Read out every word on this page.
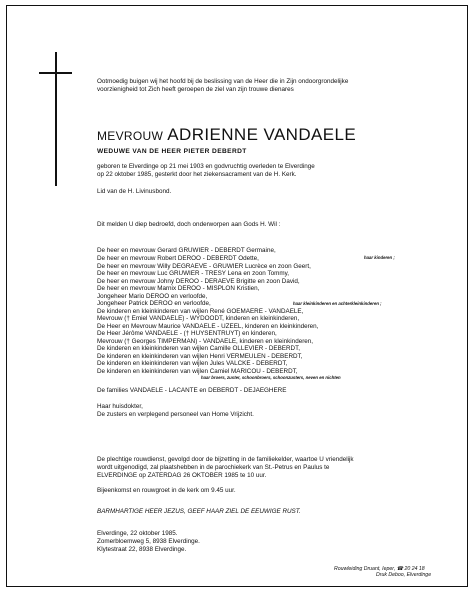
Ootmoedig buigen wij het hoofd bij de beslissing van de Heer die in Zijn ondoorgrondelijke
voorzienigheid tot Zich heeft geroepen de ziel van zijn trouwe dienares
MEVROUW ADRIENNE VANDAELE
WEDUWE VAN DE HEER PIETER DEBERDT
geboren te Elverdinge op 21 mei 1903 en godvruchtig overleden te Elverdinge
op 22 oktober 1985, gesterkt door het ziekensacrament van de H. Kerk.
Lid van de H. Livinusbond.
Dit melden U diep bedroefd, doch onderworpen aan Gods H. Wil :
De heer en mevrouw Gerard GRUWIER - DEBERDT Germaine,
De heer en mevrouw Robert DEROO - DEBERDT Odette,	haar kinderen ;
De heer en mevrouw Willy DEGRAEVE - GRUWIER Lucrèce en zoon Geert,
De heer en mevrouw Luc GRUWIER - TRESY Lena en zoon Tommy,
De heer en mevrouw Johny DEROO - DERAEVE Brigitte en zoon David,
De heer en mevrouw Marnix DEROO - MISPLON Kristien,
Jongeheer Mario DEROO en verloofde,
Jongeheer Patrick DEROO en verloofde,	haar kleinkinderen en achterkleinkinderen ;
De kinderen en kleinkinderen van wijlen René GOEMAERE - VANDAELE,
Mevrouw († Emiel VANDAELE) - WYDOODT, kinderen en kleinkinderen,
De Heer en Mevrouw Maurice VANDAELE - UZEEL, kinderen en kleinkinderen,
De Heer Jérôme VANDAELE - († HUYSENTRUYT) en kinderen,
Mevrouw († Georges TIMPERMAN) - VANDAELE, kinderen en kleinkinderen,
De kinderen en kleinkinderen van wijlen Camille OLLEVIER - DEBERDT,
De kinderen en kleinkinderen van wijlen Henri VERMEULEN - DEBERDT,
De kinderen en kleinkinderen van wijlen Jules VALCKE - DEBERDT,
De kinderen en kleinkinderen van wijlen Camiel MARICOU - DEBERDT,
haar broers, zuster, schoonbroers, schoonzusters, neven en nichten
De families VANDAELE - LACANTE en DEBERDT - DEJAEGHERE
Haar huisdokter,
De zusters en verplegend personeel van Home Vrijzicht.
De plechtige rouwdienst, gevolgd door de bijzetting in de familiekelder, waartoe U vriendelijk
wordt uitgenodigd, zal plaatshebben in de parochiekerk van St.-Petrus en Paulus te
ELVERDINGE op ZATERDAG 26 OKTOBER 1985 te 10 uur.
Bijeenkomst en rouwgroet in de kerk om 9.45 uur.
BARMHARTIGE HEER JEZUS, GEEF HAAR ZIEL DE EEUWIGE RUST.
Elverdinge, 22 oktober 1985.
Zomerbloemweg 5, 8938 Elverdinge.
Klytestraat 22, 8938 Elverdinge.
Rouwleiding Druant, Ieper, ☎ 20 24 18
Druk Deboo, Elverdinge
